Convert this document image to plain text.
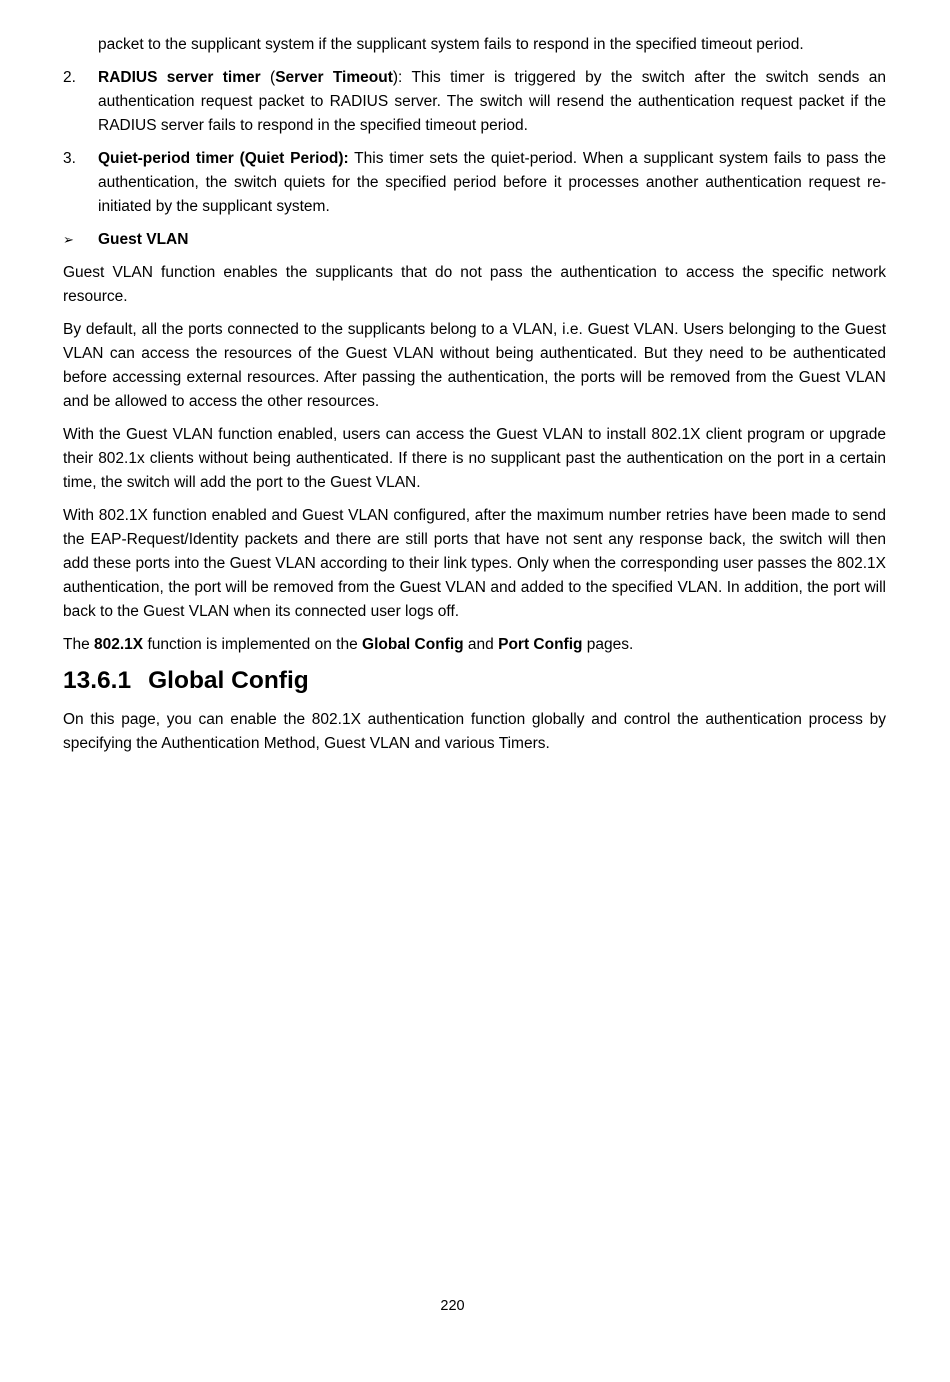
packet to the supplicant system if the supplicant system fails to respond in the specified timeout period.

2. RADIUS server timer (Server Timeout): This timer is triggered by the switch after the switch sends an authentication request packet to RADIUS server. The switch will resend the authentication request packet if the RADIUS server fails to respond in the specified timeout period.

3. Quiet-period timer (Quiet Period): This timer sets the quiet-period. When a supplicant system fails to pass the authentication, the switch quiets for the specified period before it processes another authentication request re-initiated by the supplicant system.

➢ Guest VLAN

Guest VLAN function enables the supplicants that do not pass the authentication to access the specific network resource.

By default, all the ports connected to the supplicants belong to a VLAN, i.e. Guest VLAN. Users belonging to the Guest VLAN can access the resources of the Guest VLAN without being authenticated. But they need to be authenticated before accessing external resources. After passing the authentication, the ports will be removed from the Guest VLAN and be allowed to access the other resources.

With the Guest VLAN function enabled, users can access the Guest VLAN to install 802.1X client program or upgrade their 802.1x clients without being authenticated. If there is no supplicant past the authentication on the port in a certain time, the switch will add the port to the Guest VLAN.

With 802.1X function enabled and Guest VLAN configured, after the maximum number retries have been made to send the EAP-Request/Identity packets and there are still ports that have not sent any response back, the switch will then add these ports into the Guest VLAN according to their link types. Only when the corresponding user passes the 802.1X authentication, the port will be removed from the Guest VLAN and added to the specified VLAN. In addition, the port will back to the Guest VLAN when its connected user logs off.

The 802.1X function is implemented on the Global Config and Port Config pages.

13.6.1 Global Config

On this page, you can enable the 802.1X authentication function globally and control the authentication process by specifying the Authentication Method, Guest VLAN and various Timers.

220
